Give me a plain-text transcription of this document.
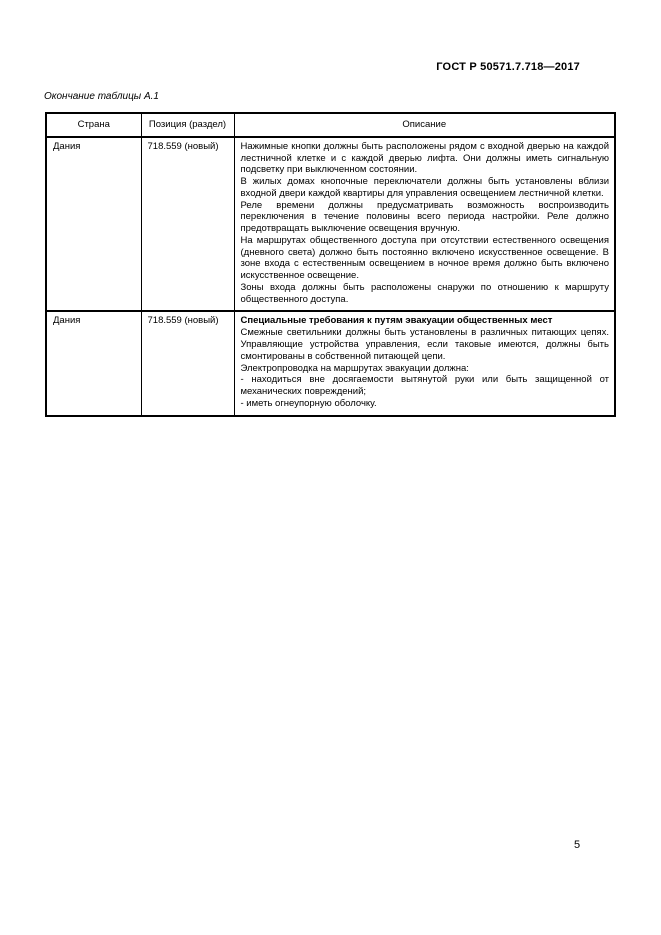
ГОСТ Р 50571.7.718—2017
Окончание таблицы А.1
Страна	Позиция (раздел)	Описание
Дания	718.559 (новый)	Нажимные кнопки должны быть расположены рядом с входной дверью на каждой лестничной клетке и с каждой дверью лифта. Они должны иметь сигнальную подсветку при выключенном состоянии.

В жилых домах кнопочные переключатели должны быть установлены вблизи входной двери каждой квартиры для управления освещением лестничной клетки.

Реле времени должны предусматривать возможность воспроизводить переключения в течение половины всего периода настройки. Реле должно предотвращать выключение освещения вручную.

На маршрутах общественного доступа при отсутствии естественного освещения (дневного света) должно быть постоянно включено искусственное освещение. В зоне входа с естественным освещением в ночное время должно быть включено искусственное освещение.

Зоны входа должны быть расположены снаружи по отношению к маршруту общественного доступа.

Дания	718.559 (новый)	Специальные требования к путям эвакуации общественных мест

Смежные светильники должны быть установлены в различных питающих цепях. Управляющие устройства управления, если таковые имеются, должны быть смонтированы в собственной питающей цепи.

Электропроводка на маршрутах эвакуации должна:

- находиться вне досягаемости вытянутой руки или быть защищенной от механических повреждений;

- иметь огнеупорную оболочку.

5
